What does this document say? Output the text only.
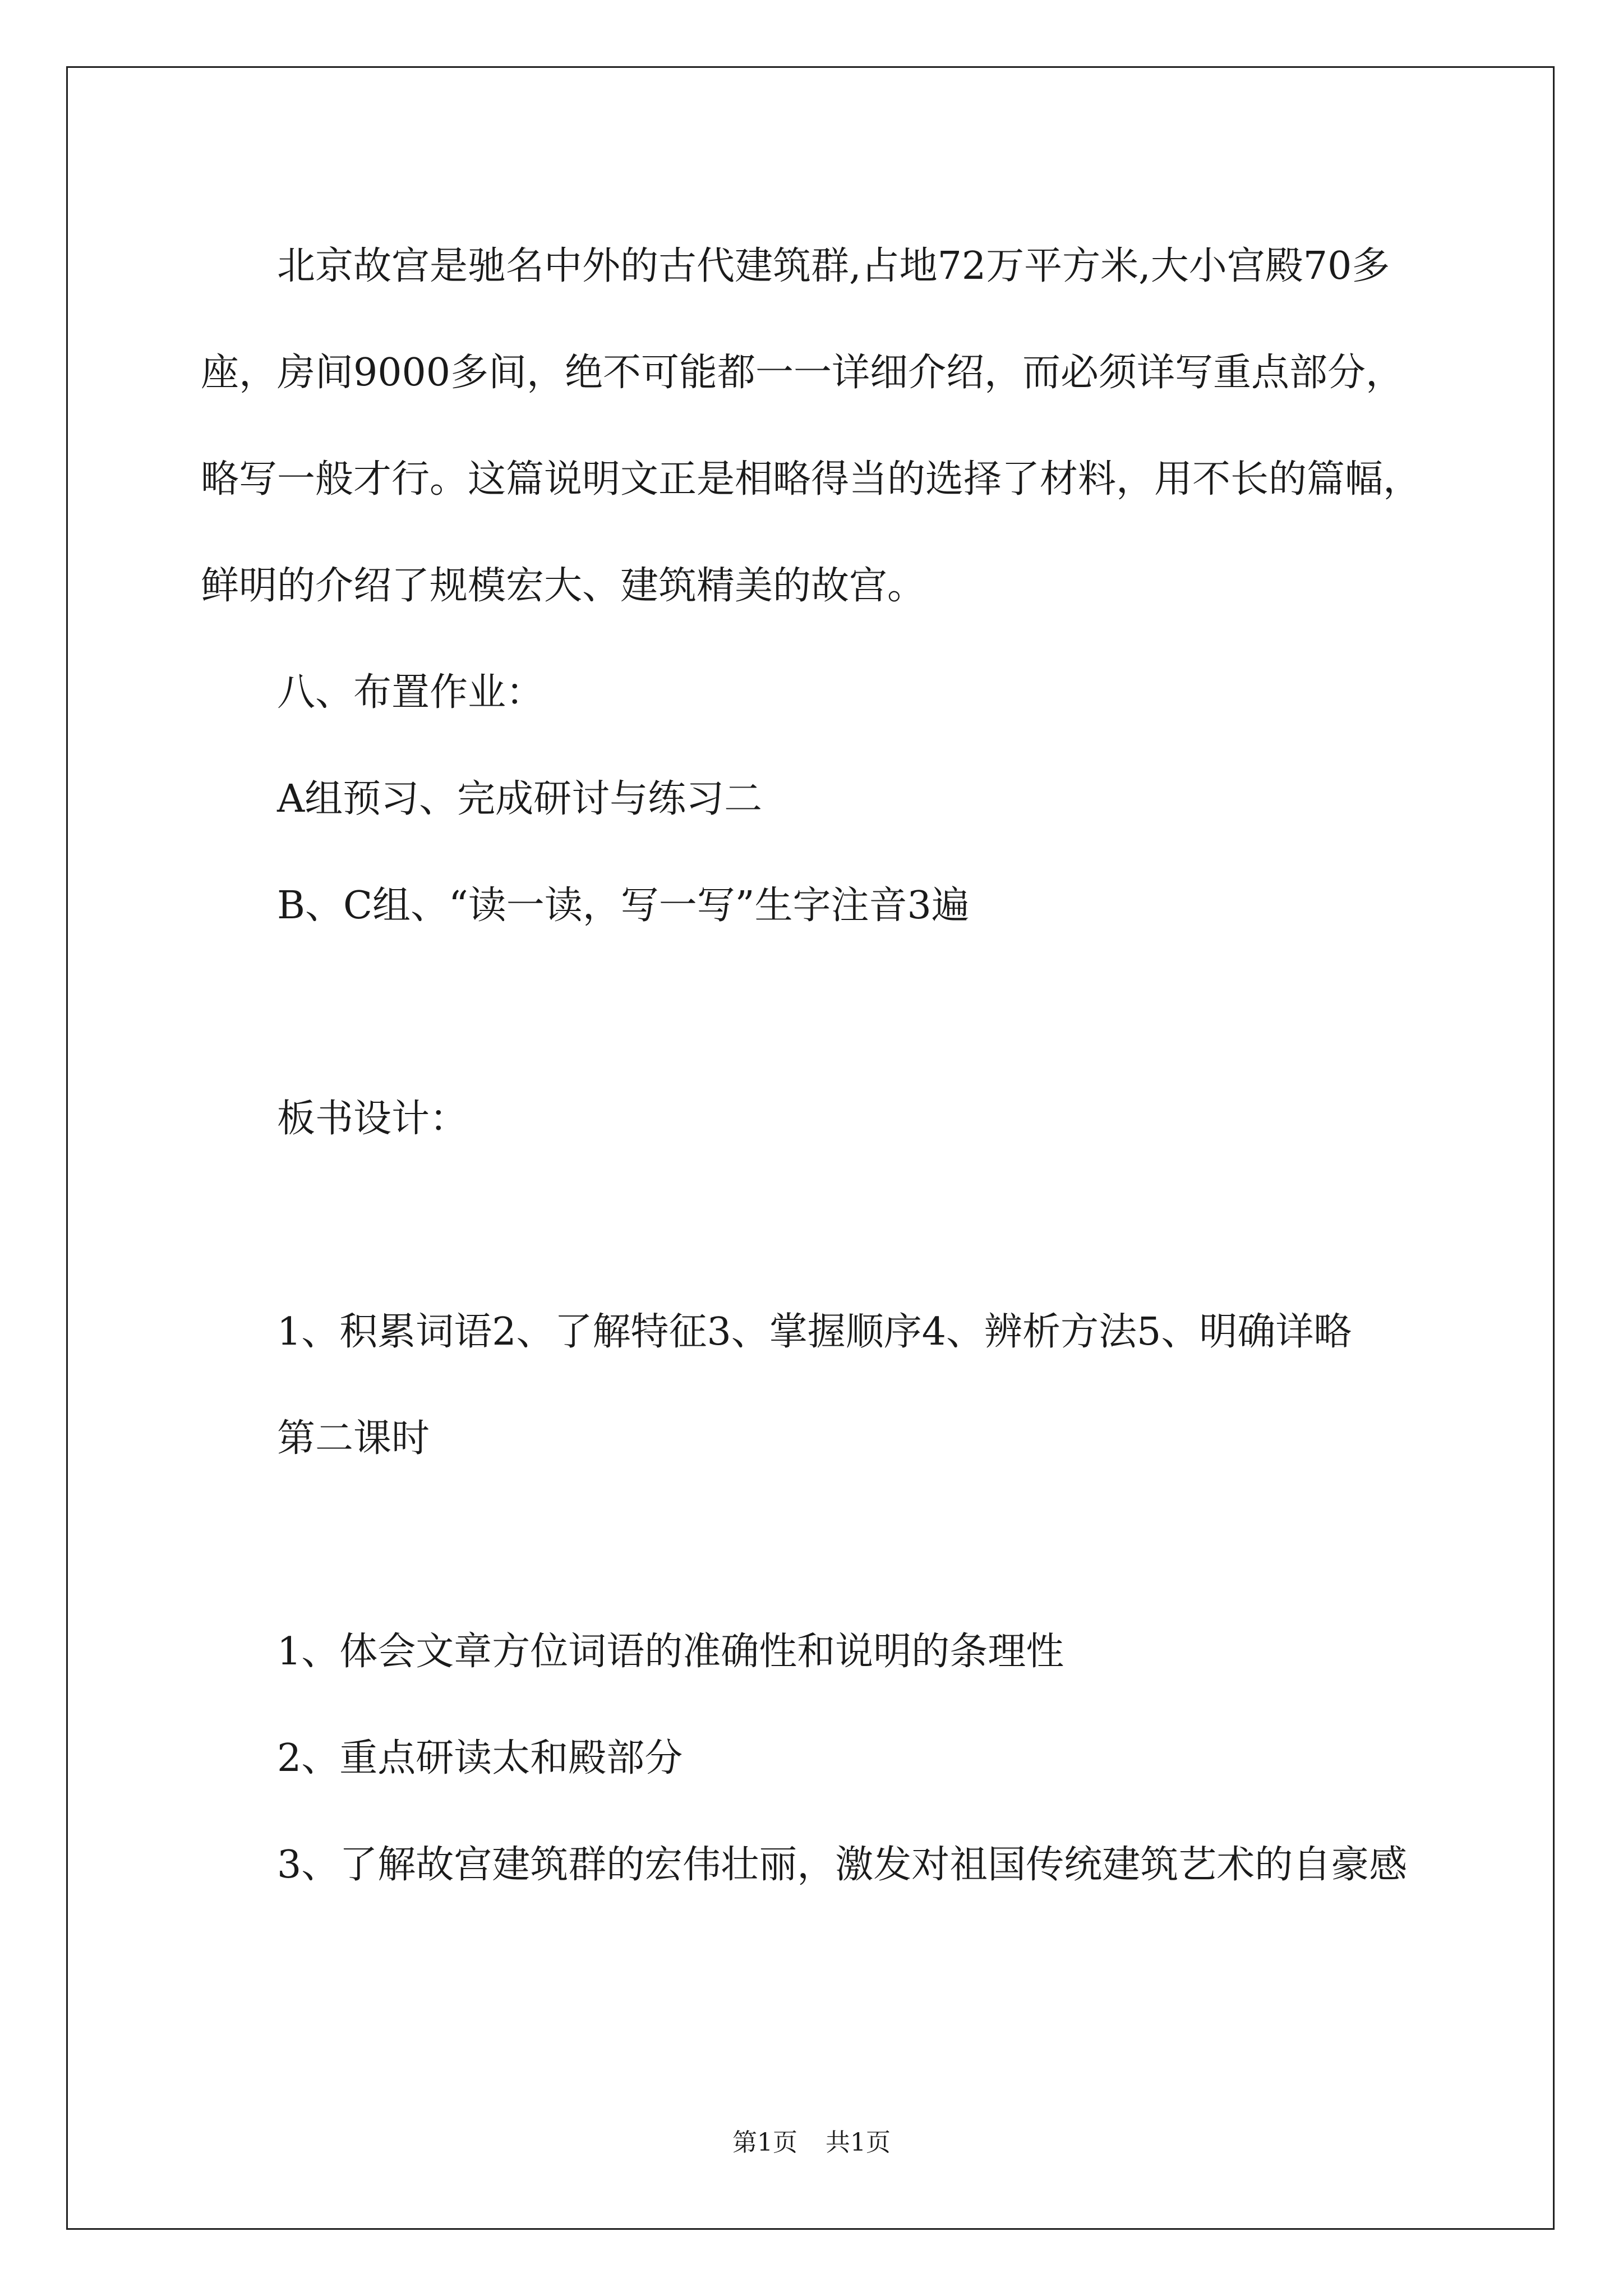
北京故宫是驰名中外的古代建筑群,占地72万平方米,大小宫殿70多座，房间9000多间，绝不可能都一一详细介绍，而必须详写重点部分，略写一般才行。这篇说明文正是相略得当的选择了材料，用不长的篇幅，鲜明的介绍了规模宏大、建筑精美的故宫。

八、布置作业：

A组预习、完成研讨与练习二

B、C组、“读一读，写一写”生字注音3遍

板书设计：

1、积累词语2、了解特征3、掌握顺序4、辨析方法5、明确详略

第二课时

1、体会文章方位词语的准确性和说明的条理性

2、重点研读太和殿部分

3、了解故宫建筑群的宏伟壮丽，激发对祖国传统建筑艺术的自豪感

第1页 共1页
